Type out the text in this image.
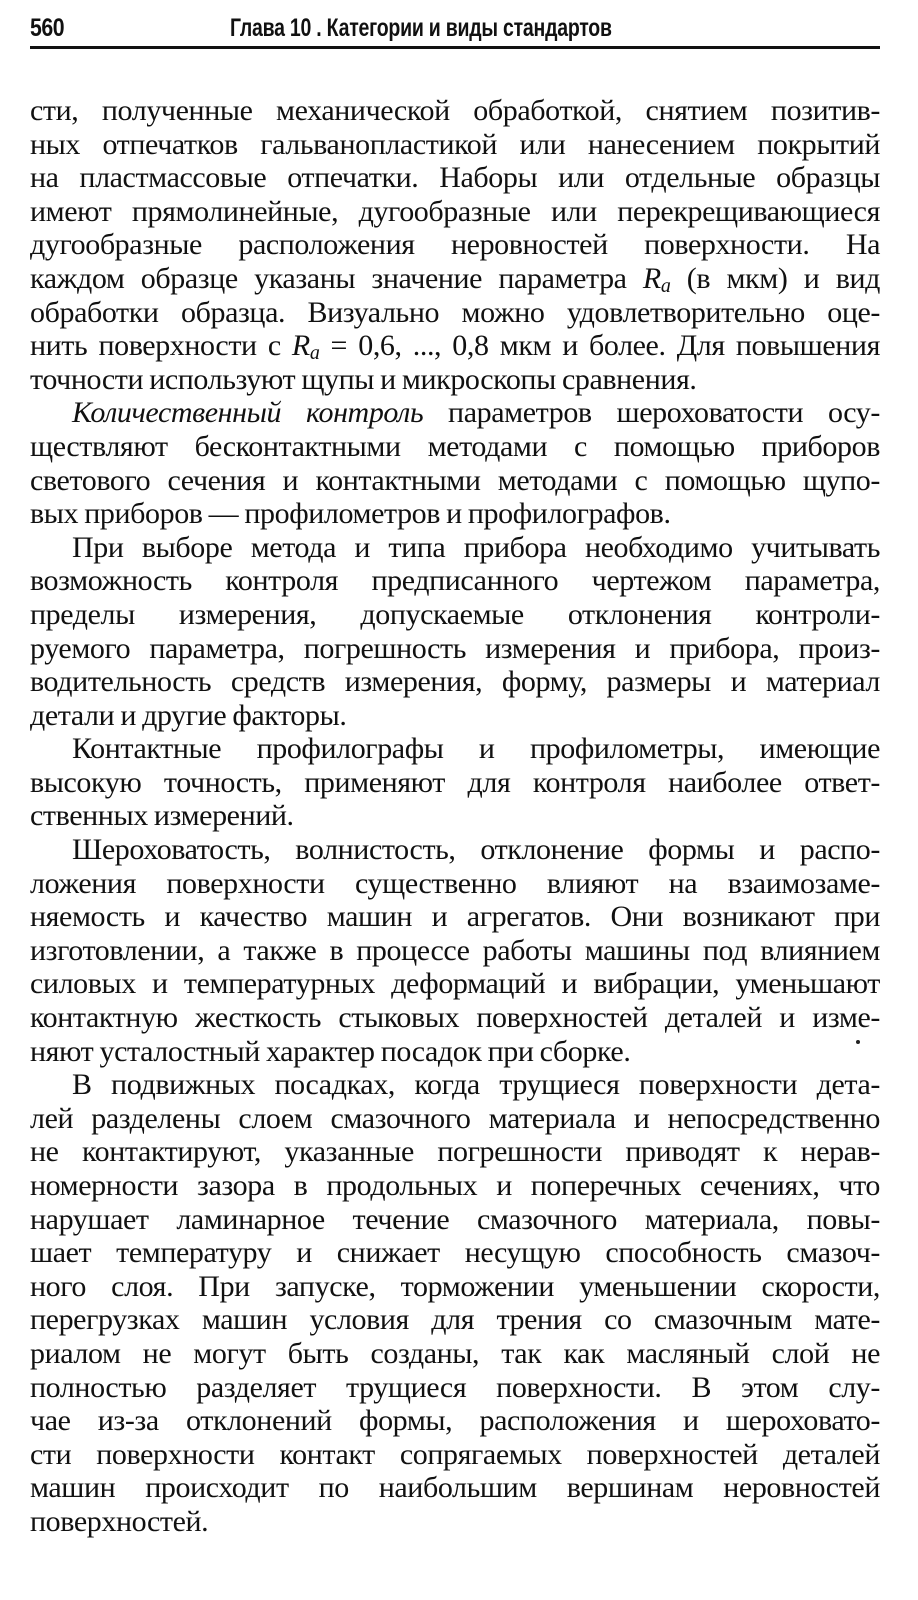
560	Глава 10 . Категории и виды стандартов
сти, полученные механической обработкой, снятием позитив-
ных отпечатков гальванопластикой или нанесением покрытий
на пластмассовые отпечатки. Наборы или отдельные образцы
имеют прямолинейные, дугообразные или перекрещивающиеся
дугообразные расположения неровностей поверхности. На
каждом образце указаны значение параметра $R_a$ (в мкм) и вид
обработки образца. Визуально можно удовлетворительно оце-
нить поверхности с $R_a = 0,6$, ..., 0,8 мкм и более. Для повышения
точности используют щупы и микроскопы сравнения.
Количественный контроль параметров шероховатости осу-
ществляют бесконтактными методами с помощью приборов
светового сечения и контактными методами с помощью щупо-
вых приборов — профилометров и профилографов.
При выборе метода и типа прибора необходимо учитывать
возможность контроля предписанного чертежом параметра,
пределы измерения, допускаемые отклонения контроли-
руемого параметра, погрешность измерения и прибора, произ-
водительность средств измерения, форму, размеры и материал
детали и другие факторы.
Контактные профилографы и профилометры, имеющие
высокую точность, применяют для контроля наиболее ответ-
ственных измерений.
Шероховатость, волнистость, отклонение формы и распо-
ложения поверхности существенно влияют на взаимозаме-
няемость и качество машин и агрегатов. Они возникают при
изготовлении, а также в процессе работы машины под влиянием
силовых и температурных деформаций и вибрации, уменьшают
контактную жесткость стыковых поверхностей деталей и изме-
няют усталостный характер посадок при сборке.
В подвижных посадках, когда трущиеся поверхности дета-
лей разделены слоем смазочного материала и непосредственно
не контактируют, указанные погрешности приводят к нерав-
номерности зазора в продольных и поперечных сечениях, что
нарушает ламинарное течение смазочного материала, повы-
шает температуру и снижает несущую способность смазоч-
ного слоя. При запуске, торможении уменьшении скорости,
перегрузках машин условия для трения со смазочным мате-
риалом не могут быть созданы, так как масляный слой не
полностью разделяет трущиеся поверхности. В этом слу-
чае из-за отклонений формы, расположения и шероховато-
сти поверхности контакт сопрягаемых поверхностей деталей
машин происходит по наибольшим вершинам неровностей
поверхностей.
